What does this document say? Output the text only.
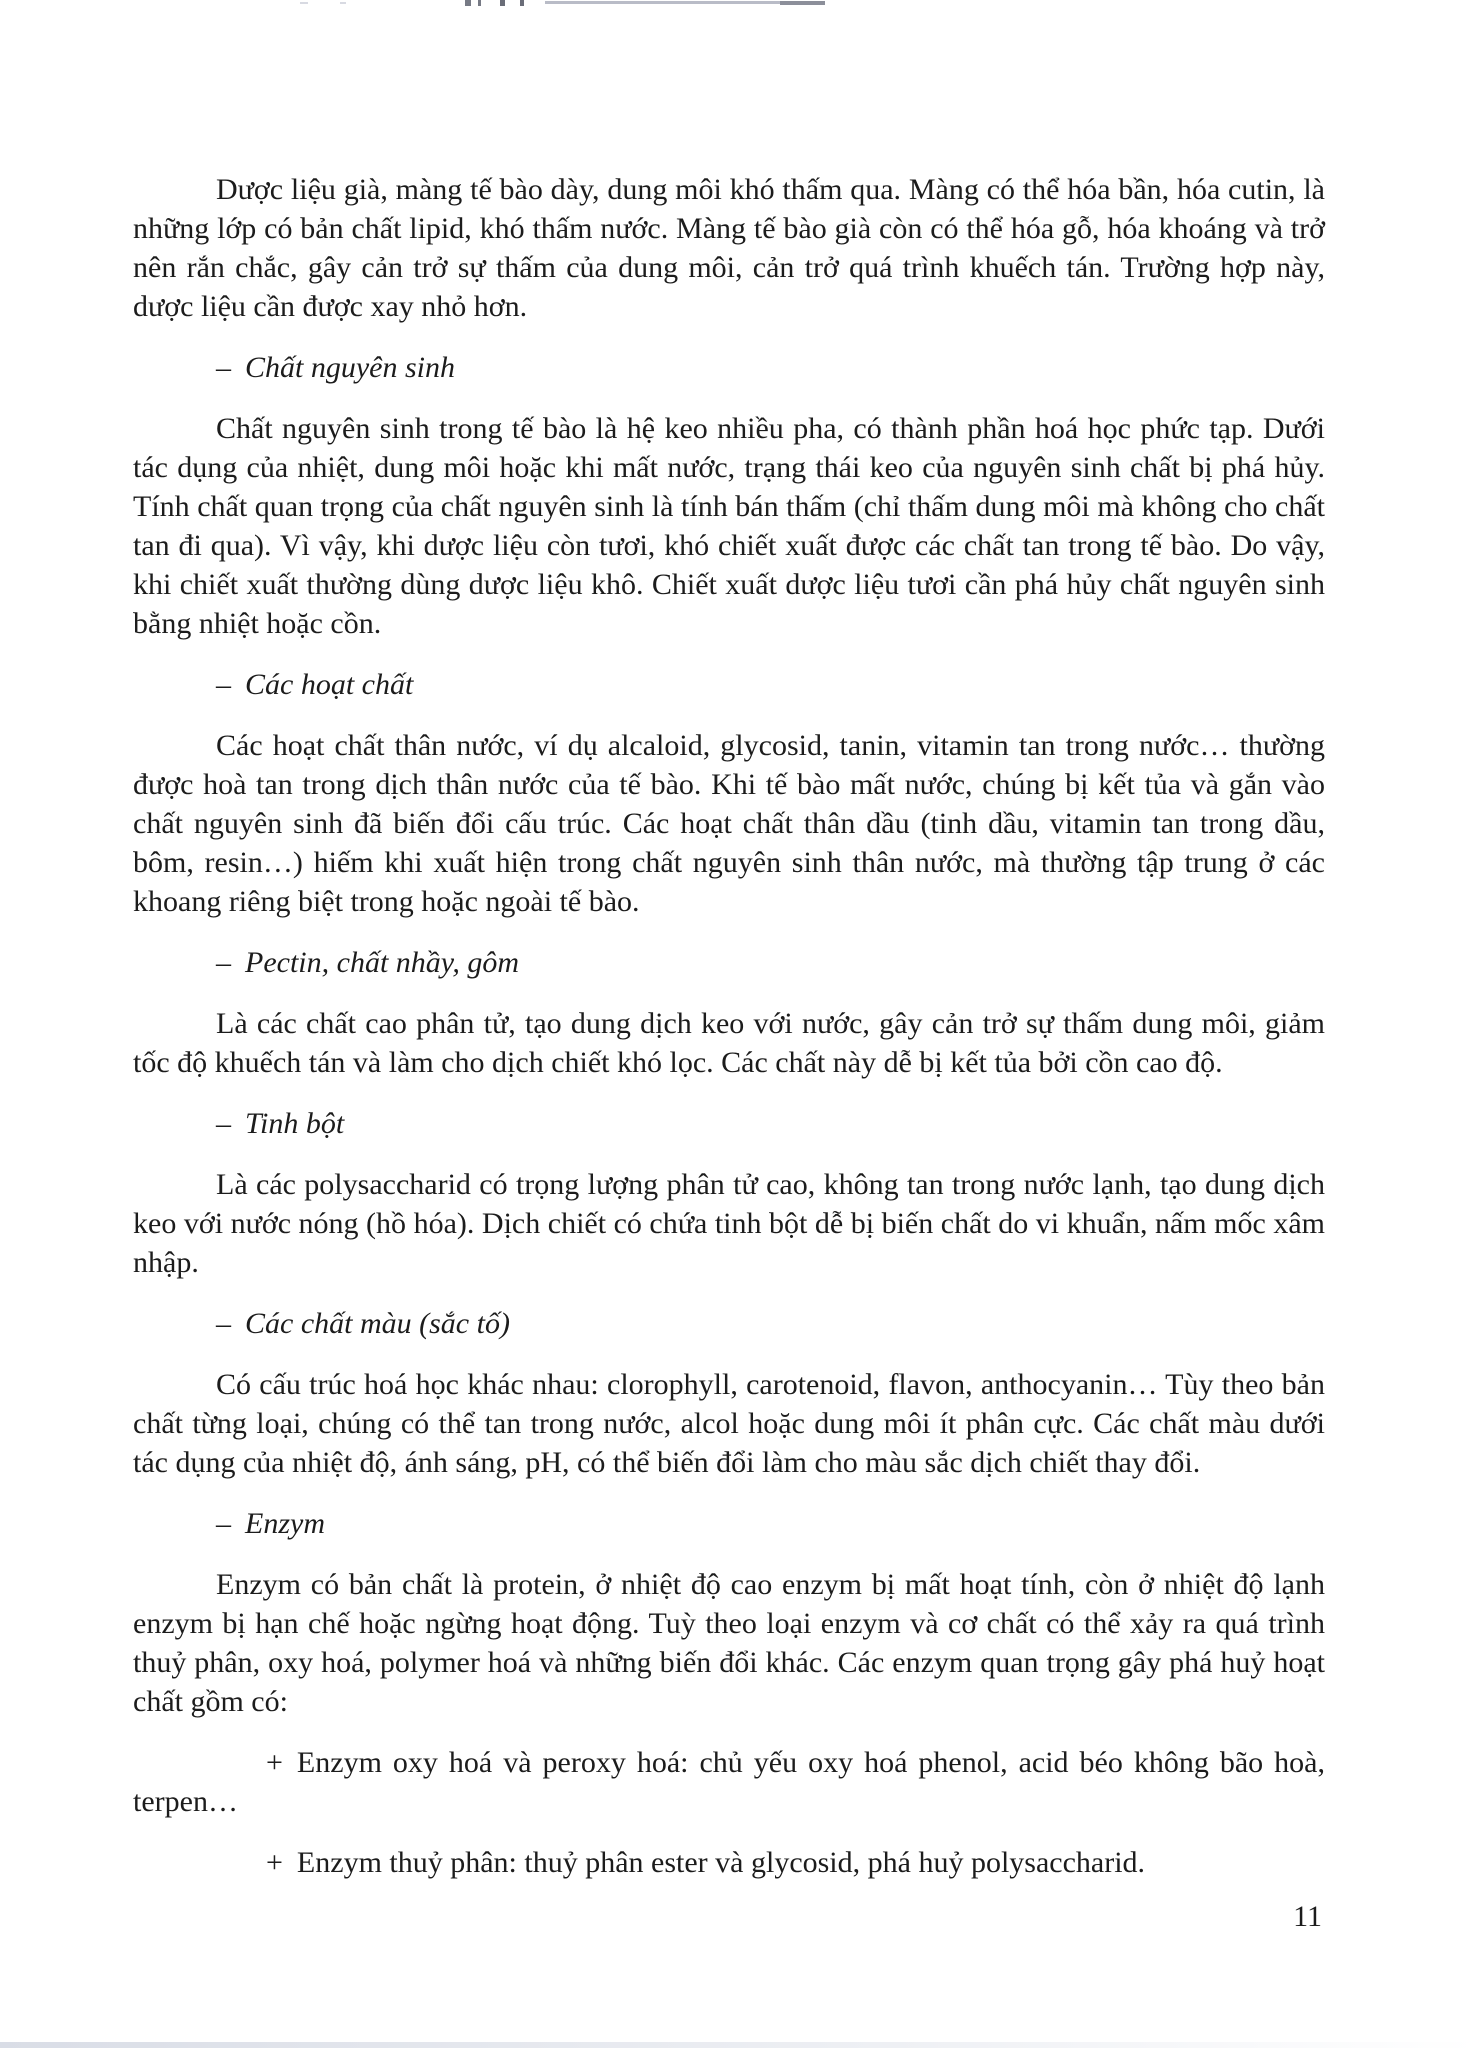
Dược liệu già, màng tế bào dày, dung môi khó thấm qua. Màng có thể hóa bần, hóa cutin, là những lớp có bản chất lipid, khó thấm nước. Màng tế bào già còn có thể hóa gỗ, hóa khoáng và trở nên rắn chắc, gây cản trở sự thấm của dung môi, cản trở quá trình khuếch tán. Trường hợp này, dược liệu cần được xay nhỏ hơn.

– Chất nguyên sinh

Chất nguyên sinh trong tế bào là hệ keo nhiều pha, có thành phần hoá học phức tạp. Dưới tác dụng của nhiệt, dung môi hoặc khi mất nước, trạng thái keo của nguyên sinh chất bị phá hủy. Tính chất quan trọng của chất nguyên sinh là tính bán thấm (chỉ thấm dung môi mà không cho chất tan đi qua). Vì vậy, khi dược liệu còn tươi, khó chiết xuất được các chất tan trong tế bào. Do vậy, khi chiết xuất thường dùng dược liệu khô. Chiết xuất dược liệu tươi cần phá hủy chất nguyên sinh bằng nhiệt hoặc cồn.

– Các hoạt chất

Các hoạt chất thân nước, ví dụ alcaloid, glycosid, tanin, vitamin tan trong nước… thường được hoà tan trong dịch thân nước của tế bào. Khi tế bào mất nước, chúng bị kết tủa và gắn vào chất nguyên sinh đã biến đổi cấu trúc. Các hoạt chất thân dầu (tinh dầu, vitamin tan trong dầu, bôm, resin…) hiếm khi xuất hiện trong chất nguyên sinh thân nước, mà thường tập trung ở các khoang riêng biệt trong hoặc ngoài tế bào.

– Pectin, chất nhầy, gôm

Là các chất cao phân tử, tạo dung dịch keo với nước, gây cản trở sự thấm dung môi, giảm tốc độ khuếch tán và làm cho dịch chiết khó lọc. Các chất này dễ bị kết tủa bởi cồn cao độ.

– Tinh bột

Là các polysaccharid có trọng lượng phân tử cao, không tan trong nước lạnh, tạo dung dịch keo với nước nóng (hồ hóa). Dịch chiết có chứa tinh bột dễ bị biến chất do vi khuẩn, nấm mốc xâm nhập.

– Các chất màu (sắc tố)

Có cấu trúc hoá học khác nhau: clorophyll, carotenoid, flavon, anthocyanin… Tùy theo bản chất từng loại, chúng có thể tan trong nước, alcol hoặc dung môi ít phân cực. Các chất màu dưới tác dụng của nhiệt độ, ánh sáng, pH, có thể biến đổi làm cho màu sắc dịch chiết thay đổi.

– Enzym

Enzym có bản chất là protein, ở nhiệt độ cao enzym bị mất hoạt tính, còn ở nhiệt độ lạnh enzym bị hạn chế hoặc ngừng hoạt động. Tuỳ theo loại enzym và cơ chất có thể xảy ra quá trình thuỷ phân, oxy hoá, polymer hoá và những biến đổi khác. Các enzym quan trọng gây phá huỷ hoạt chất gồm có:

+ Enzym oxy hoá và peroxy hoá: chủ yếu oxy hoá phenol, acid béo không bão hoà, terpen…

+ Enzym thuỷ phân: thuỷ phân ester và glycosid, phá huỷ polysaccharid.

11
